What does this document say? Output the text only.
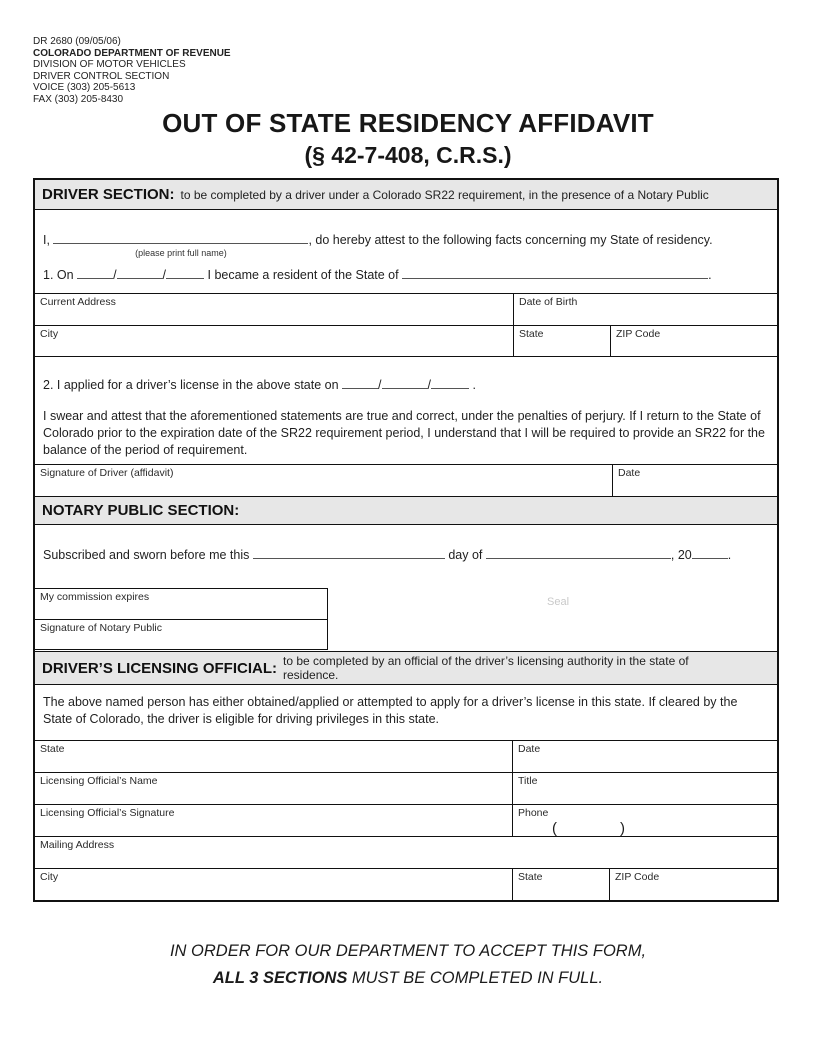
DR 2680 (09/05/06)
COLORADO DEPARTMENT OF REVENUE
DIVISION OF MOTOR VEHICLES
DRIVER CONTROL SECTION
VOICE (303) 205-5613
FAX (303) 205-8430
OUT OF STATE RESIDENCY AFFIDAVIT
(§ 42-7-408, C.R.S.)
DRIVER SECTION: to be completed by a driver under a Colorado SR22 requirement, in the presence of a Notary Public
I,
(please print full name)
, do hereby attest to the following facts concerning my State of residency.
1. On	/	/	I became a resident of the State of	.
Current Address	Date of Birth
City	State	ZIP Code
2. I applied for a driver’s license in the above state on	/	/	.
I swear and attest that the aforementioned statements are true and correct, under the penalties of perjury. If I return to the State of Colorado prior to the expiration date of the SR22 requirement period, I understand that I will be required to provide an SR22 for the balance of the period of requirement.
Signature of Driver (affidavit)	Date
NOTARY PUBLIC SECTION:
Subscribed and sworn before me this	day of	, 20	.
My commission expires
Signature of Notary Public
Seal
DRIVER’S LICENSING OFFICIAL: to be completed by an official of the driver’s licensing authority in the state of residence.
The above named person has either obtained/applied or attempted to apply for a driver’s license in this state. If cleared by the State of Colorado, the driver is eligible for driving privileges in this state.
State	Date
Licensing Official’s Name	Title
Licensing Official’s Signature	Phone
(            )
Mailing Address
City	State	ZIP Code
IN ORDER FOR OUR DEPARTMENT TO ACCEPT THIS FORM,
ALL 3 SECTIONS MUST BE COMPLETED IN FULL.
